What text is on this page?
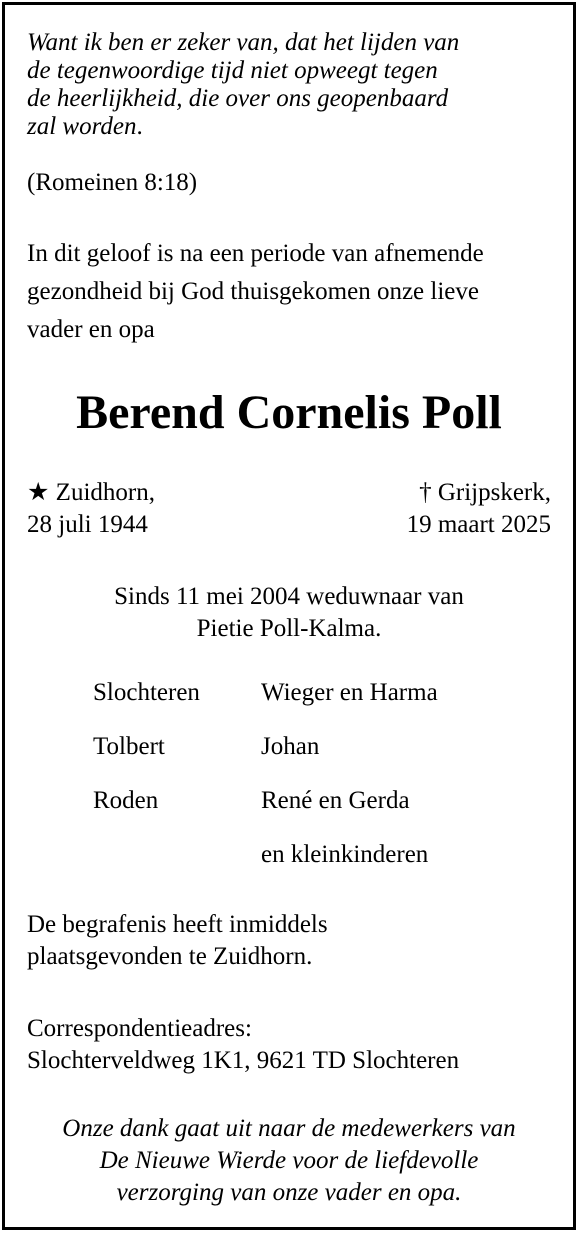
Want ik ben er zeker van, dat het lijden van
de tegenwoordige tijd niet opweegt tegen
de heerlijkheid, die over ons geopenbaard
zal worden.
(Romeinen 8:18)
In dit geloof is na een periode van afnemende
gezondheid bij God thuisgekomen onze lieve
vader en opa
Berend Cornelis Poll
★ Zuidhorn,
28 juli 1944
† Grijpskerk,
19 maart 2025
Sinds 11 mei 2004 weduwnaar van
Pietie Poll-Kalma.
Slochteren Wieger en Harma
Tolbert	Johan
Roden	René en Gerda
en kleinkinderen
De begrafenis heeft inmiddels
plaatsgevonden te Zuidhorn.
Correspondentieadres:
Slochterveldweg 1K1, 9621 TD Slochteren
Onze dank gaat uit naar de medewerkers van
De Nieuwe Wierde voor de liefdevolle
verzorging van onze vader en opa.
